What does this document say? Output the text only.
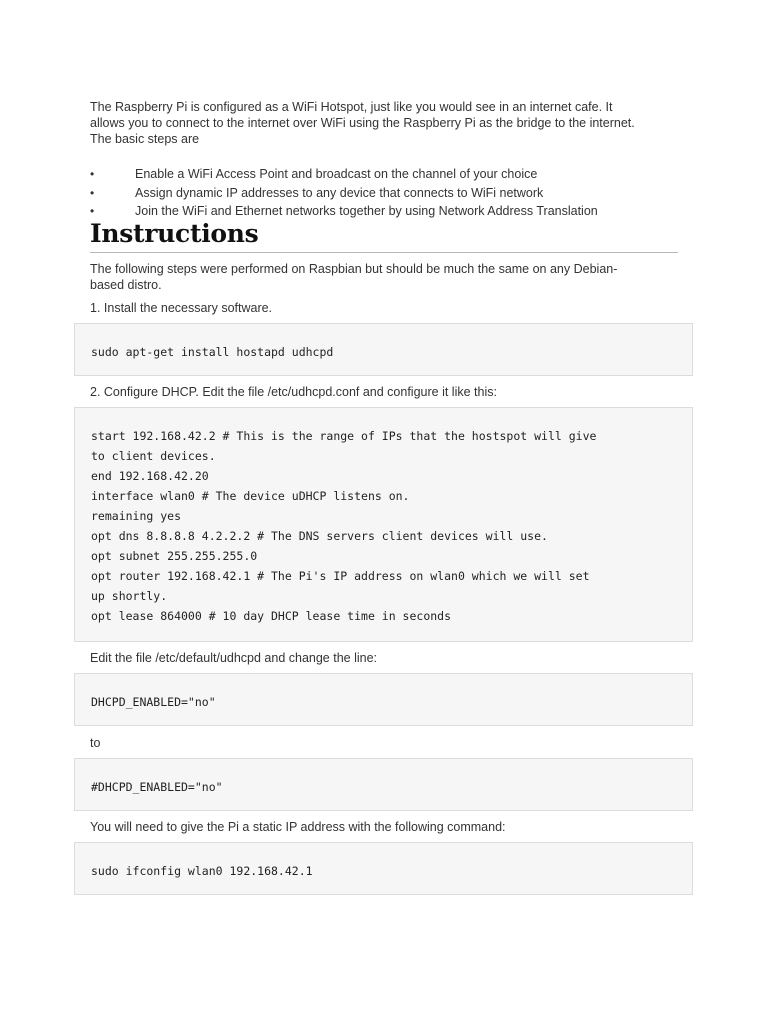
The Raspberry Pi is configured as a WiFi Hotspot, just like you would see in an internet cafe. It
allows you to connect to the internet over WiFi using the Raspberry Pi as the bridge to the internet.
The basic steps are
•	Enable a WiFi Access Point and broadcast on the channel of your choice
•	Assign dynamic IP addresses to any device that connects to WiFi network
•	Join the WiFi and Ethernet networks together by using Network Address Translation
Instructions
The following steps were performed on Raspbian but should be much the same on any Debian-
based distro.
1. Install the necessary software.
sudo apt-get install hostapd udhcpd
2. Configure DHCP. Edit the file /etc/udhcpd.conf and configure it like this:
start 192.168.42.2 # This is the range of IPs that the hostspot will give
to client devices.
end 192.168.42.20
interface wlan0 # The device uDHCP listens on.
remaining yes
opt dns 8.8.8.8 4.2.2.2 # The DNS servers client devices will use.
opt subnet 255.255.255.0
opt router 192.168.42.1 # The Pi's IP address on wlan0 which we will set
up shortly.
opt lease 864000 # 10 day DHCP lease time in seconds
Edit the file /etc/default/udhcpd and change the line:
DHCPD_ENABLED="no"
to
#DHCPD_ENABLED="no"
You will need to give the Pi a static IP address with the following command:
sudo ifconfig wlan0 192.168.42.1
